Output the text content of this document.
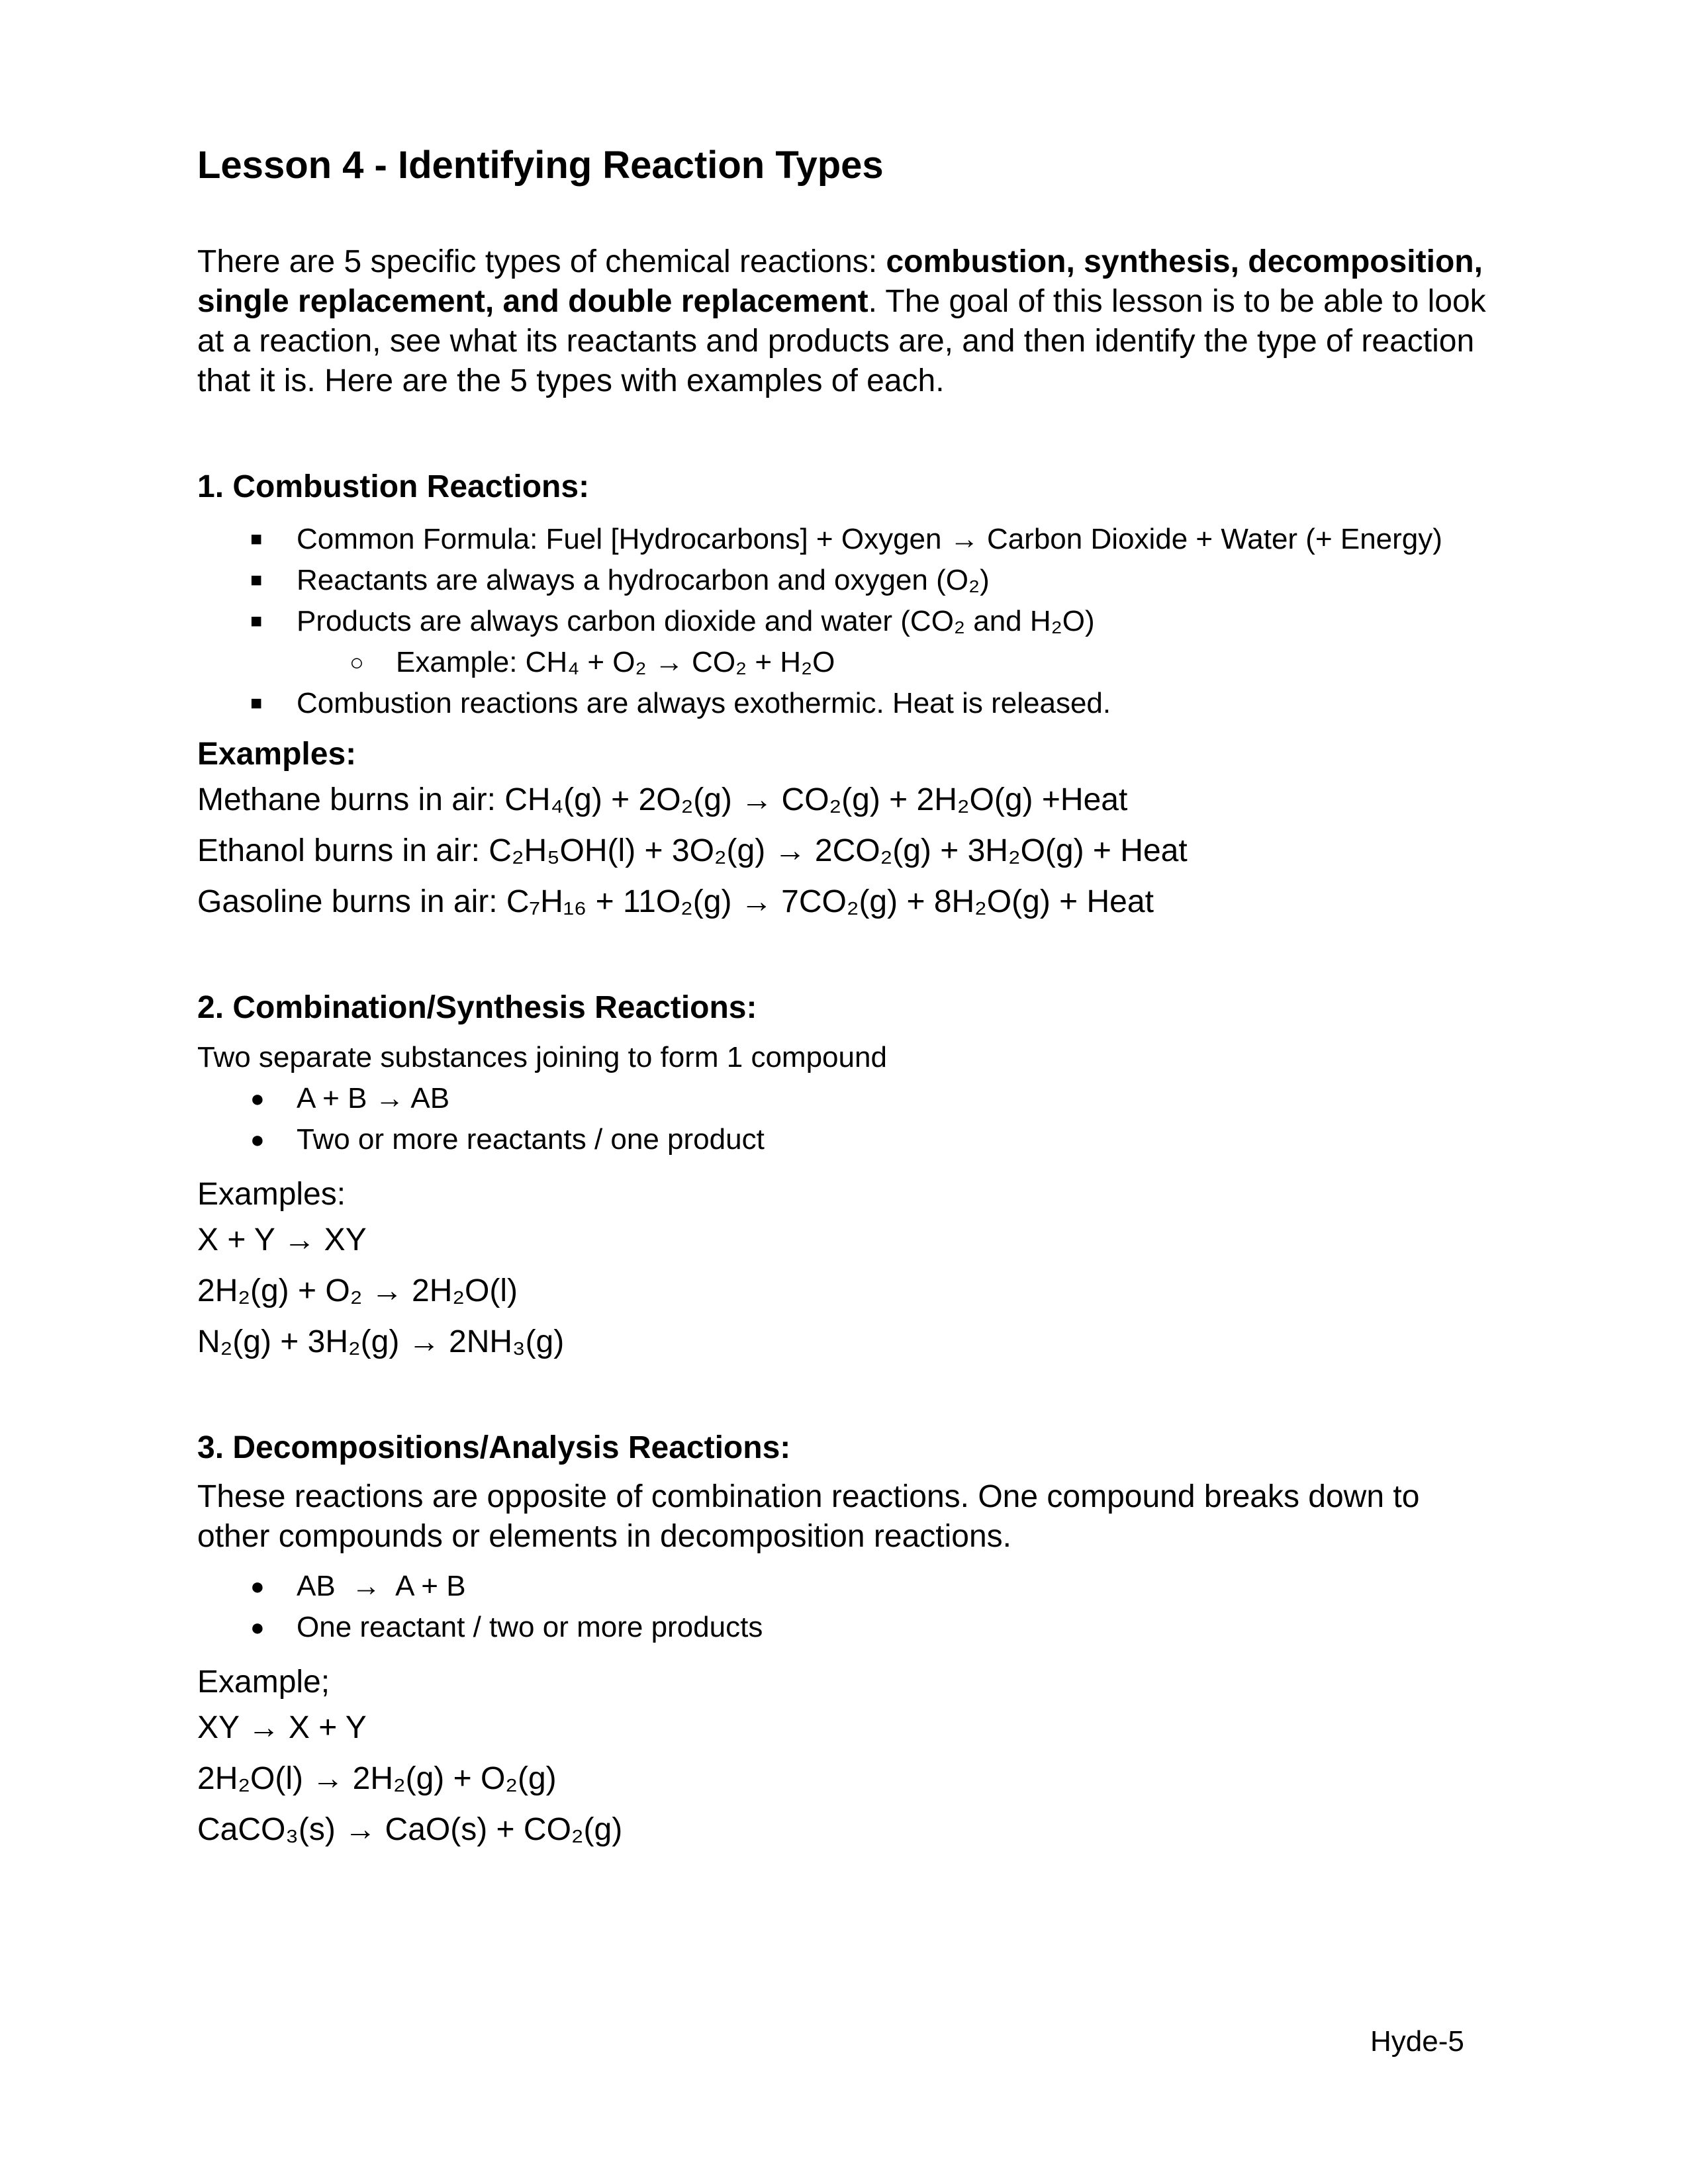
Lesson 4 - Identifying Reaction Types
There are 5 specific types of chemical reactions: combustion, synthesis, decomposition, single replacement, and double replacement. The goal of this lesson is to be able to look at a reaction, see what its reactants and products are, and then identify the type of reaction that it is. Here are the 5 types with examples of each.
1. Combustion Reactions:
■ Common Formula: Fuel [Hydrocarbons] + Oxygen → Carbon Dioxide + Water (+ Energy)
■ Reactants are always a hydrocarbon and oxygen (O₂)
■ Products are always carbon dioxide and water (CO₂ and H₂O)
○ Example: CH₄ + O₂ → CO₂ + H₂O
■ Combustion reactions are always exothermic. Heat is released.
Examples:
Methane burns in air: CH₄(g) + 2O₂(g) → CO₂(g) + 2H₂O(g) +Heat
Ethanol burns in air: C₂H₅OH(l) + 3O₂(g) → 2CO₂(g) + 3H₂O(g) + Heat
Gasoline burns in air: C₇H₁₆ + 11O₂(g) → 7CO₂(g) + 8H₂O(g) + Heat
2. Combination/Synthesis Reactions:
Two separate substances joining to form 1 compound
● A + B → AB
● Two or more reactants / one product
Examples:
X + Y → XY
2H₂(g) + O₂ → 2H₂O(l)
N₂(g) + 3H₂(g) → 2NH₃(g)
3. Decompositions/Analysis Reactions:
These reactions are opposite of combination reactions. One compound breaks down to other compounds or elements in decomposition reactions.
● AB  →  A + B
● One reactant / two or more products
Example;
XY → X + Y
2H₂O(l) → 2H₂(g) + O₂(g)
CaCO₃(s) → CaO(s) + CO₂(g)
Hyde-5
